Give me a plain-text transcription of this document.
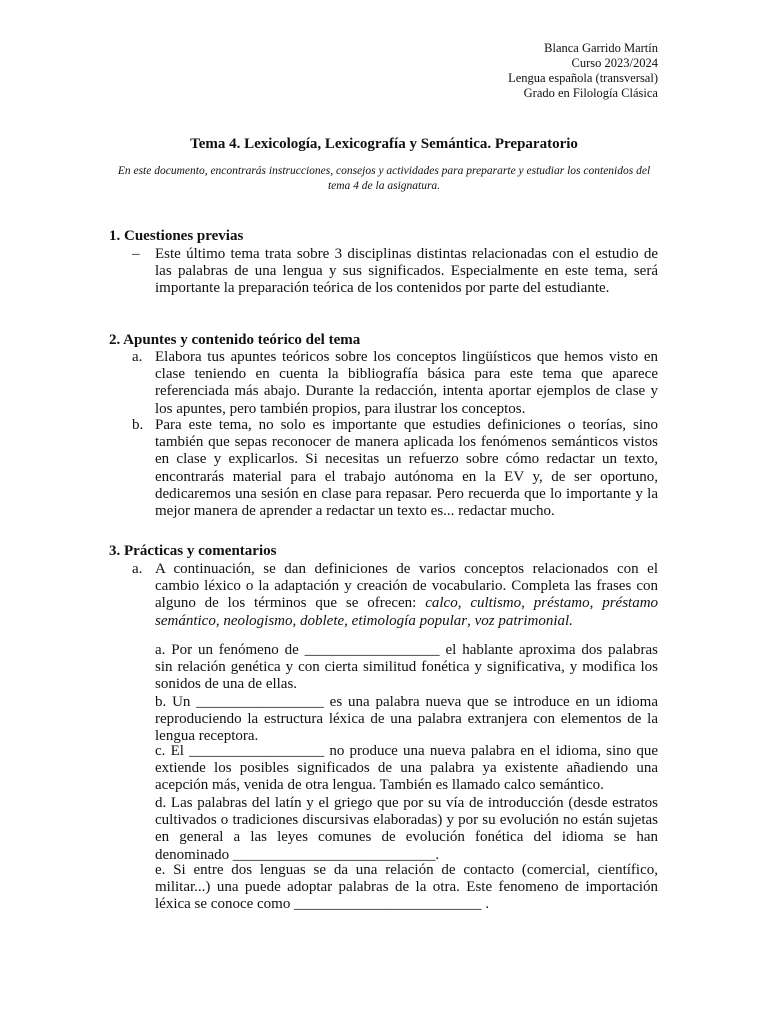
Blanca Garrido Martín
Curso 2023/2024
Lengua española (transversal)
Grado en Filología Clásica
Tema 4. Lexicología, Lexicografía y Semántica. Preparatorio
En este documento, encontrarás instrucciones, consejos y actividades para prepararte y estudiar los contenidos del tema 4 de la asignatura.
1. Cuestiones previas
– Este último tema trata sobre 3 disciplinas distintas relacionadas con el estudio de las palabras de una lengua y sus significados. Especialmente en este tema, será importante la preparación teórica de los contenidos por parte del estudiante.

2. Apuntes y contenido teórico del tema
a. Elabora tus apuntes teóricos sobre los conceptos lingüísticos que hemos visto en clase teniendo en cuenta la bibliografía básica para este tema que aparece referenciada más abajo. Durante la redacción, intenta aportar ejemplos de clase y los apuntes, pero también propios, para ilustrar los conceptos.

b. Para este tema, no solo es importante que estudies definiciones o teorías, sino también que sepas reconocer de manera aplicada los fenómenos semánticos vistos en clase y explicarlos. Si necesitas un refuerzo sobre cómo redactar un texto, encontrarás material para el trabajo autónoma en la EV y, de ser oportuno, dedicaremos una sesión en clase para repasar. Pero recuerda que lo importante y la mejor manera de aprender a redactar un texto es... redactar mucho.

3. Prácticas y comentarios
a. A continuación, se dan definiciones de varios conceptos relacionados con el cambio léxico o la adaptación y creación de vocabulario. Completa las frases con alguno de los términos que se ofrecen: calco, cultismo, préstamo, préstamo semántico, neologismo, doblete, etimología popular, voz patrimonial.

a. Por un fenómeno de __________________ el hablante aproxima dos palabras sin relación genética y con cierta similitud fonética y significativa, y modifica los sonidos de una de ellas.

b. Un _________________ es una palabra nueva que se introduce en un idioma reproduciendo la estructura léxica de una palabra extranjera con elementos de la lengua receptora.

c. El __________________ no produce una nueva palabra en el idioma, sino que extiende los posibles significados de una palabra ya existente añadiendo una acepción más, venida de otra lengua. También es llamado calco semántico.

d. Las palabras del latín y el griego que por su vía de introducción (desde estratos cultivados o tradiciones discursivas elaboradas) y por su evolución no están sujetas en general a las leyes comunes de evolución fonética del idioma se han denominado ___________________________.

e. Si entre dos lenguas se da una relación de contacto (comercial, científico, militar...) una puede adoptar palabras de la otra. Este fenomeno de importación léxica se conoce como _________________________ .
